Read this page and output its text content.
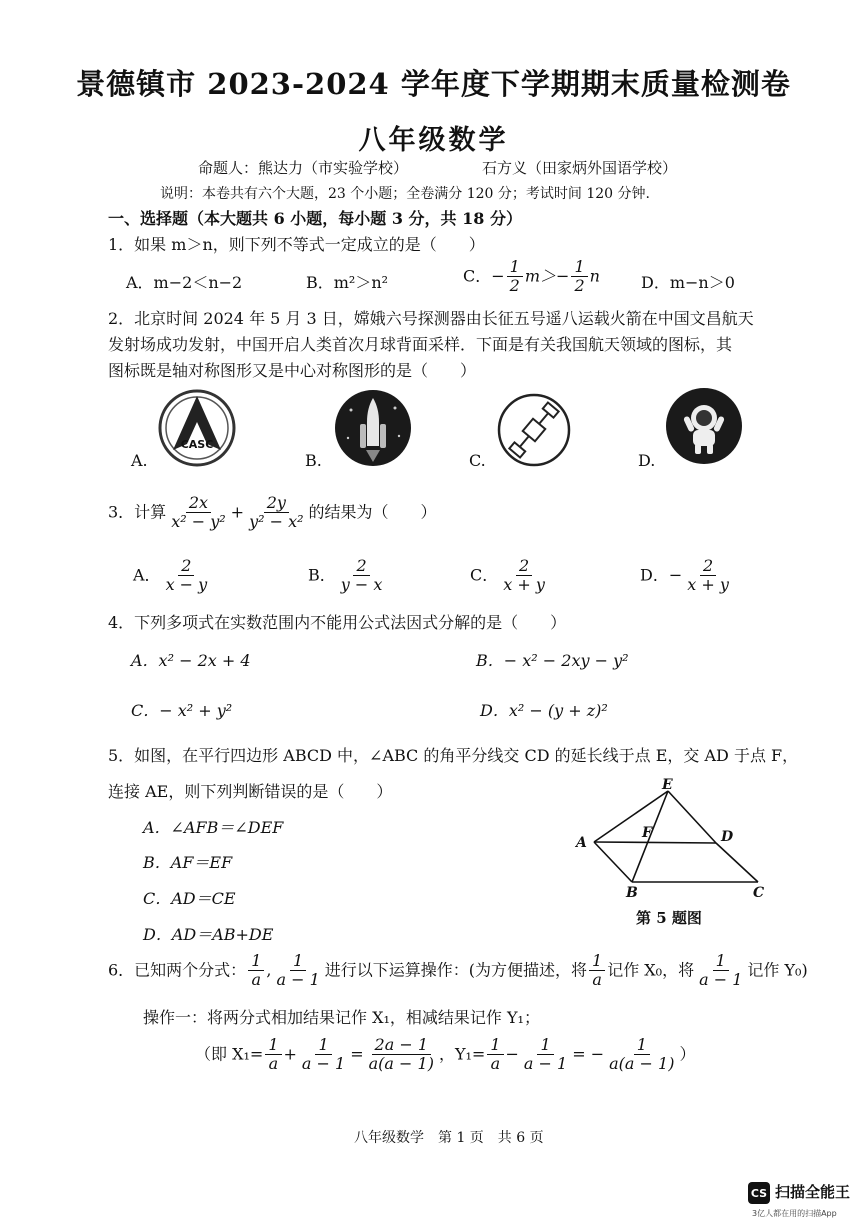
景德镇市 2023-2024 学年度下学期期末质量检测卷
八年级数学
命题人：熊达力（市实验学校）	石方义（田家炳外国语学校）
说明：本卷共有六个大题，23 个小题；全卷满分 120 分；考试时间 120 分钟.
一、选择题（本大题共 6 小题，每小题 3 分，共 18 分）
1．如果 m＞n，则下列不等式一定成立的是（　　）
A．m−2＜n−2	B．m²＞n²	C．− $\frac{1}{2} m>- \frac{1}{2}$ n	D．m−n＞0
2．北京时间 2024 年 5 月 3 日，嫦娥六号探测器由长征五号遥八运载火箭在中国文昌航天
发射场成功发射，中国开启人类首次月球背面采样．下面是有关我国航天领域的图标，其
图标既是轴对称图形又是中心对称图形的是（　　）
CASC
A.	B.	C.	D.
3．计算 $\frac{2x}{\text{x² − y²}} + \frac{2y}{\text{y² − x²}}$ 的结果为（　　）
A． $\frac{2}{x - y}$	B． $\frac{2}{y - x}$	C． $\frac{2}{x + y}$	D．− $\frac{2}{x + y}$
4．下列多项式在实数范围内不能用公式法因式分解的是（　　）
A．x² − 2x + 4	B．− x² − 2xy − y²
C．− x² + y²	D．x² − (y + z)²
5．如图，在平行四边形 ABCD 中，∠ABC 的角平分线交 CD 的延长线于点 E，交 AD 于点 F，
连接 AE，则下列判断错误的是（　　）
A．∠AFB＝∠DEF
B．AF＝EF
C．AD＝CE
D．AD＝AB+DE
E
F	D
A
B	C
第 5 题图
6．已知两个分式： $\frac{1}{a}$ , $\frac{1}{a - 1}$ 进行以下运算操作：(为方便描述，将 $\frac{1}{a}$ 记作 X₀，将 $\frac{1}{a - 1}$ 记作 Y₀)
操作一：将两分式相加结果记作 X₁，相减结果记作 Y₁；
（即 $X_1= \frac{1}{a} + \frac{1}{a - 1} = \frac{2a - 1}{a(a - 1)}$ ，$Y_1= \frac{1}{a} - \frac{1}{a - 1}$ = − $\frac{1}{a(a - 1)}$ ）
八年级数学　第 1 页　共 6 页
CS 扫描全能王
3亿人都在用的扫描App
